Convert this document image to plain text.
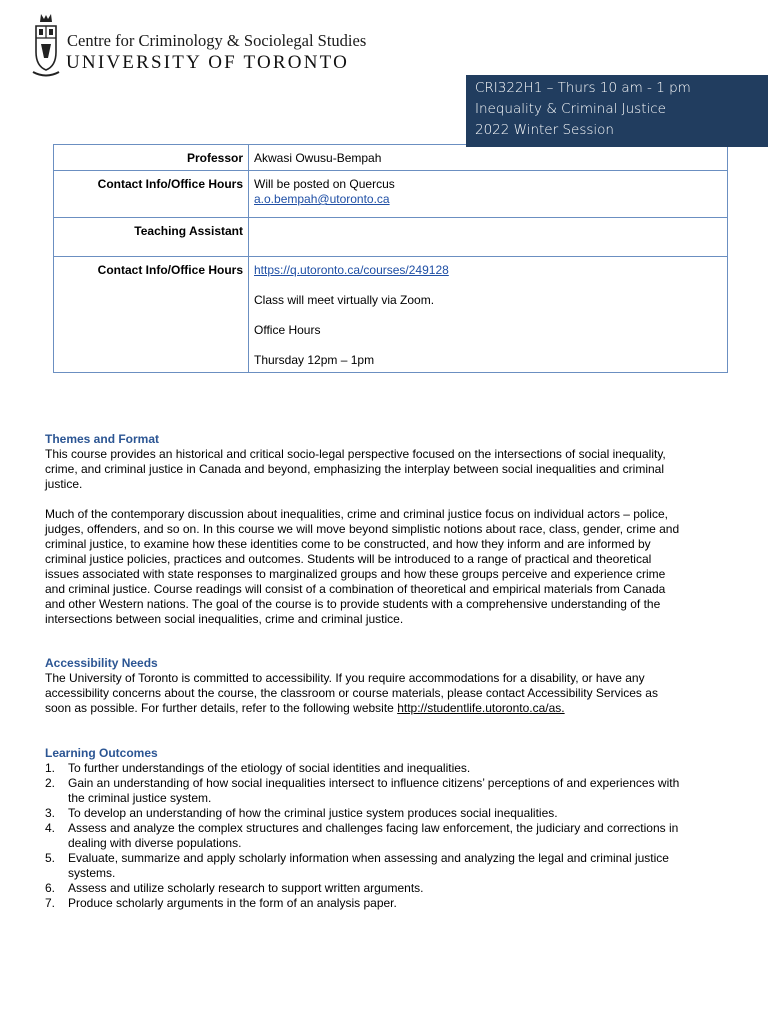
Centre for Criminology & Sociolegal Studies
UNIVERSITY OF TORONTO
CRI322H1 – Thurs 10 am - 1 pm
Inequality & Criminal Justice
2022 Winter Session
Professor	Akwasi Owusu-Bempah
Contact Info/Office Hours	Will be posted on Quercus
a.o.bempah@utoronto.ca
Teaching Assistant	
Contact Info/Office Hours	https://q.utoronto.ca/courses/249128

Class will meet virtually via Zoom.

Office Hours

Thursday 12pm – 1pm

Themes and Format

This course provides an historical and critical socio-legal perspective focused on the intersections of social inequality, crime, and criminal justice in Canada and beyond, emphasizing the interplay between social inequalities and criminal justice.

Much of the contemporary discussion about inequalities, crime and criminal justice focus on individual actors – police, judges, offenders, and so on. In this course we will move beyond simplistic notions about race, class, gender, crime and criminal justice, to examine how these identities come to be constructed, and how they inform and are informed by criminal justice policies, practices and outcomes. Students will be introduced to a range of practical and theoretical issues associated with state responses to marginalized groups and how these groups perceive and experience crime and criminal justice. Course readings will consist of a combination of theoretical and empirical materials from Canada and other Western nations. The goal of the course is to provide students with a comprehensive understanding of the intersections between social inequalities, crime and criminal justice.

Accessibility Needs

The University of Toronto is committed to accessibility. If you require accommodations for a disability, or have any accessibility concerns about the course, the classroom or course materials, please contact Accessibility Services as soon as possible. For further details, refer to the following website http://studentlife.utoronto.ca/as.

Learning Outcomes

1. To further understandings of the etiology of social identities and inequalities.
2. Gain an understanding of how social inequalities intersect to influence citizens’ perceptions of and experiences with the criminal justice system.
3. To develop an understanding of how the criminal justice system produces social inequalities.
4. Assess and analyze the complex structures and challenges facing law enforcement, the judiciary and corrections in dealing with diverse populations.
5. Evaluate, summarize and apply scholarly information when assessing and analyzing the legal and criminal justice systems.
6. Assess and utilize scholarly research to support written arguments.
7. Produce scholarly arguments in the form of an analysis paper.
